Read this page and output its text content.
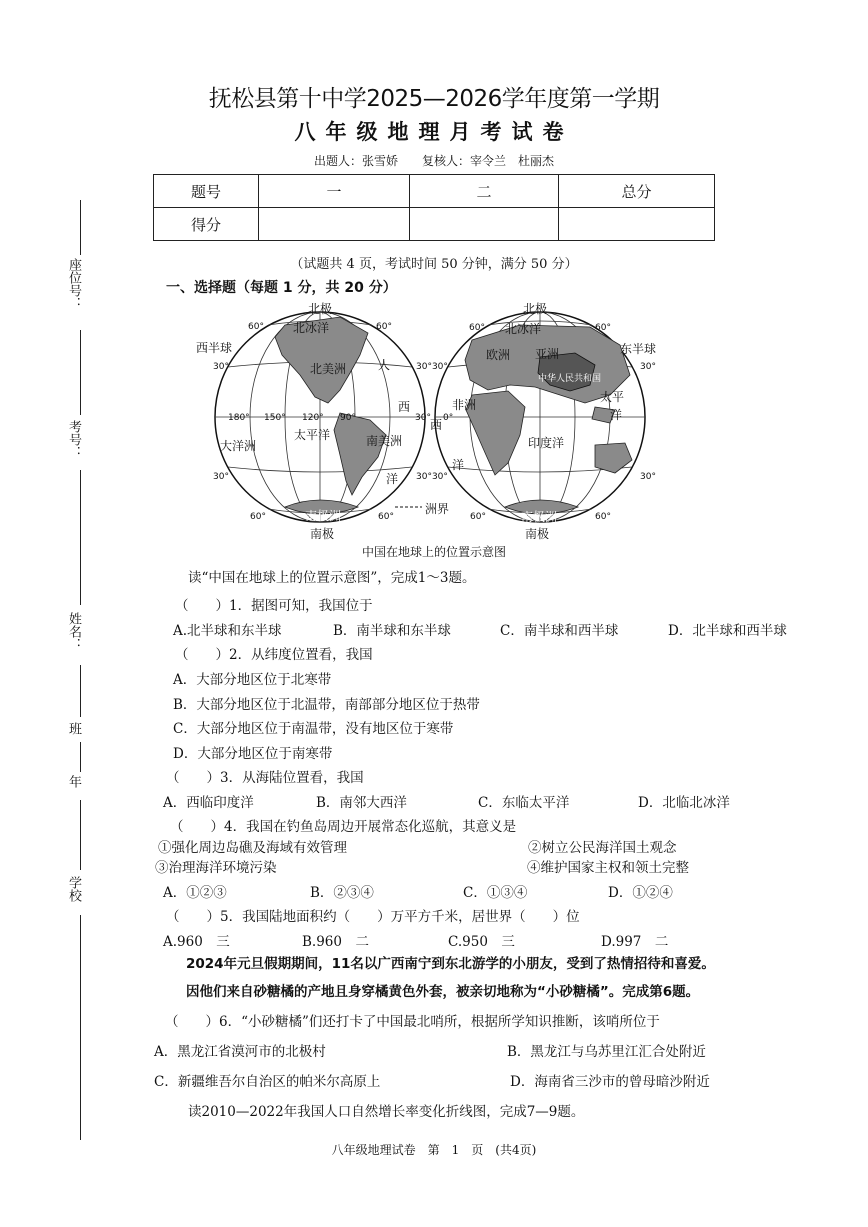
抚松县第十中学2025—2026学年度第一学期
八年级地理月考试卷
出题人：张雪娇　　复核人：宰令兰　杜丽杰
题号	一	二	总分
得分			
（试题共 4 页，考试时间 50 分钟，满分 50 分）
一、选择题（每题 1 分，共 20 分）
座位号：
考号：
姓名：
班
年
学校
北极	北极
北冰洋	北冰洋
西半球	东半球
北美洲	人
欧洲 亚洲
中华人民共和国
太平
洋
西	非洲
西
太平洋	南美洲	印度洋
大洋洲
洋
洋
洲界
南极洲	南极洲
南极	南极
60°	60°	60°	60°
30°	30°30°	30°
180° 150° 120° 90°	30° 0°
30°	30°30°	30°
60°	60°	60°	60°
中国在地球上的位置示意图
读“中国在地球上的位置示意图”，完成1～3题。
（　　）1．据图可知，我国位于
A.北半球和东半球	B．南半球和东半球	C．南半球和西半球	D．北半球和西半球
（　　）2．从纬度位置看，我国
A．大部分地区位于北寒带
B．大部分地区位于北温带，南部部分地区位于热带
C．大部分地区位于南温带，没有地区位于寒带
D．大部分地区位于南寒带
（　　）3．从海陆位置看，我国
A．西临印度洋	B．南邻大西洋	C．东临太平洋	D．北临北冰洋
（　　）4．我国在钓鱼岛周边开展常态化巡航，其意义是
①强化周边岛礁及海域有效管理	②树立公民海洋国土观念
③治理海洋环境污染	④维护国家主权和领土完整
A．①②③	B．②③④	C．①③④	D．①②④
（　　）5．我国陆地面积约（　　）万平方千米，居世界（　　）位
A.960　三	B.960　二	C.950　三	D.997　二
2024年元旦假期期间，11名以广西南宁到东北游学的小朋友，受到了热情招待和喜爱。
因他们来自砂糖橘的产地且身穿橘黄色外套，被亲切地称为“小砂糖橘”。完成第6题。
（　　）6．“小砂糖橘”们还打卡了中国最北哨所，根据所学知识推断，该哨所位于
A．黑龙江省漠河市的北极村	B．黑龙江与乌苏里江汇合处附近
C．新疆维吾尔自治区的帕米尔高原上	D．海南省三沙市的曾母暗沙附近
读2010—2022年我国人口自然增长率变化折线图，完成7—9题。
八年级地理试卷　第　1　页　(共4页)
